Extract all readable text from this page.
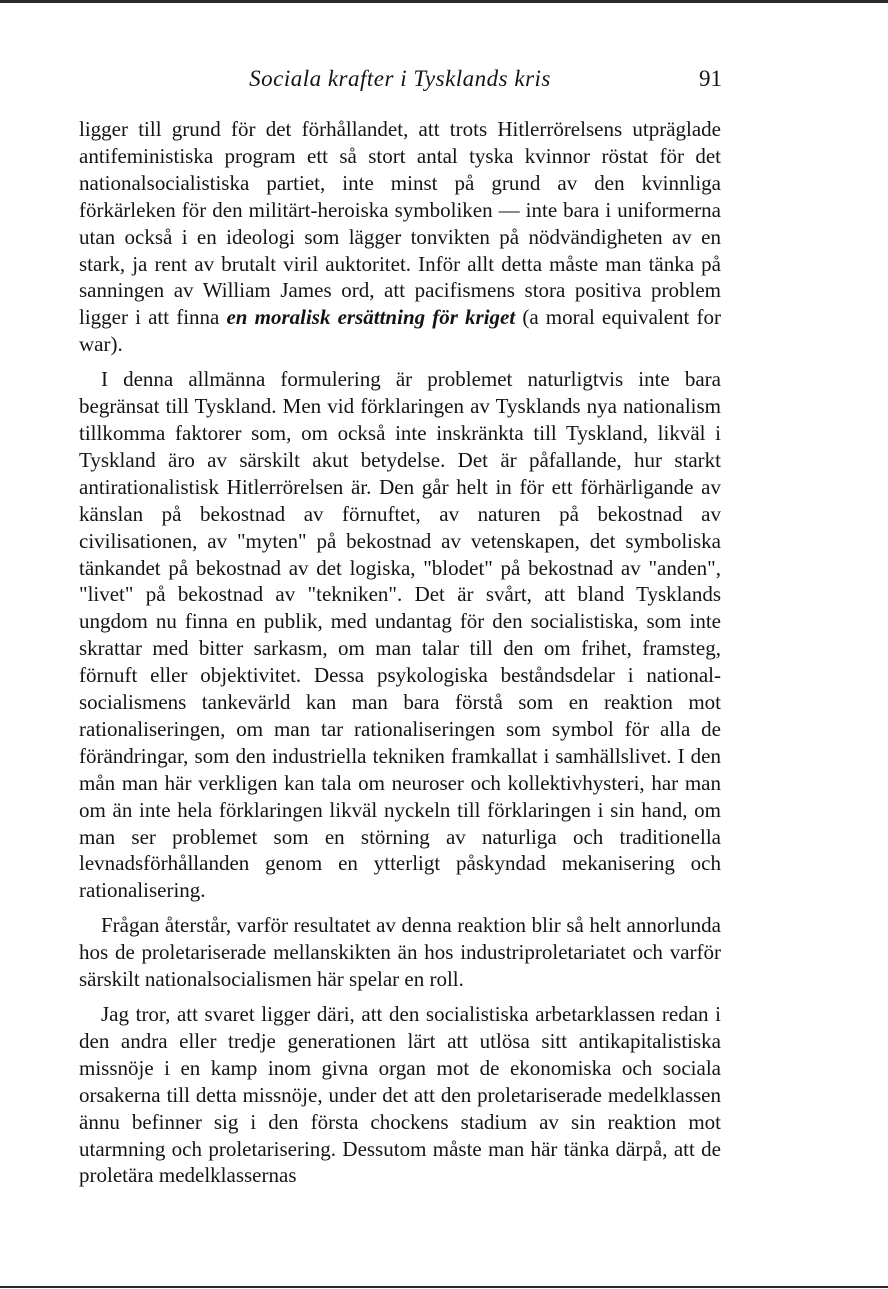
Sociala krafter i Tysklands kris	91

ligger till grund för det förhållandet, att trots Hitlerrörelsens utpräglade antifeministiska program ett så stort antal tyska kvinnor röstat för det nationalsocialistiska partiet, inte minst på grund av den kvinnliga förkärleken för den militärt-heroiska symboliken — inte bara i uniformerna utan också i en ideologi som lägger tonvikten på nödvändigheten av en stark, ja rent av brutalt viril auktoritet. Inför allt detta måste man tänka på sanningen av William James ord, att pacifismens stora positiva problem ligger i att finna en moralisk ersättning för kriget (a moral equivalent for war).

I denna allmänna formulering är problemet naturligtvis inte bara begränsat till Tyskland. Men vid förklaringen av Tysklands nya nationalism tillkomma faktorer som, om också inte inskränkta till Tyskland, likväl i Tyskland äro av särskilt akut betydelse. Det är påfallande, hur starkt antirationalistisk Hitlerrörelsen är. Den går helt in för ett förhärligande av känslan på bekostnad av förnuftet, av naturen på bekostnad av civilisationen, av "myten" på bekostnad av vetenskapen, det symboliska tänkandet på bekostnad av det logiska, "blodet" på bekostnad av "anden", "livet" på bekostnad av "tekniken". Det är svårt, att bland Tysklands ungdom nu finna en publik, med undantag för den socialistiska, som inte skrattar med bitter sarkasm, om man talar till den om frihet, framsteg, förnuft eller objektivitet. Dessa psykologiska beståndsdelar i national-socialismens tankevärld kan man bara förstå som en reaktion mot rationaliseringen, om man tar rationaliseringen som symbol för alla de förändringar, som den industriella tekniken framkallat i samhällslivet. I den mån man här verkligen kan tala om neuroser och kollektivhysteri, har man om än inte hela förklaringen likväl nyckeln till förklaringen i sin hand, om man ser problemet som en störning av naturliga och traditionella levnadsförhållanden genom en ytterligt påskyndad mekanisering och rationalisering.

Frågan återstår, varför resultatet av denna reaktion blir så helt annorlunda hos de proletariserade mellanskikten än hos industriproletariatet och varför särskilt nationalsocialismen här spelar en roll.

Jag tror, att svaret ligger däri, att den socialistiska arbetarklassen redan i den andra eller tredje generationen lärt att utlösa sitt antikapitalistiska missnöje i en kamp inom givna organ mot de ekonomiska och sociala orsakerna till detta missnöje, under det att den proletariserade medelklassen ännu befinner sig i den första chockens stadium av sin reaktion mot utarmning och proletarisering. Dessutom måste man här tänka därpå, att de proletära medelklassernas
